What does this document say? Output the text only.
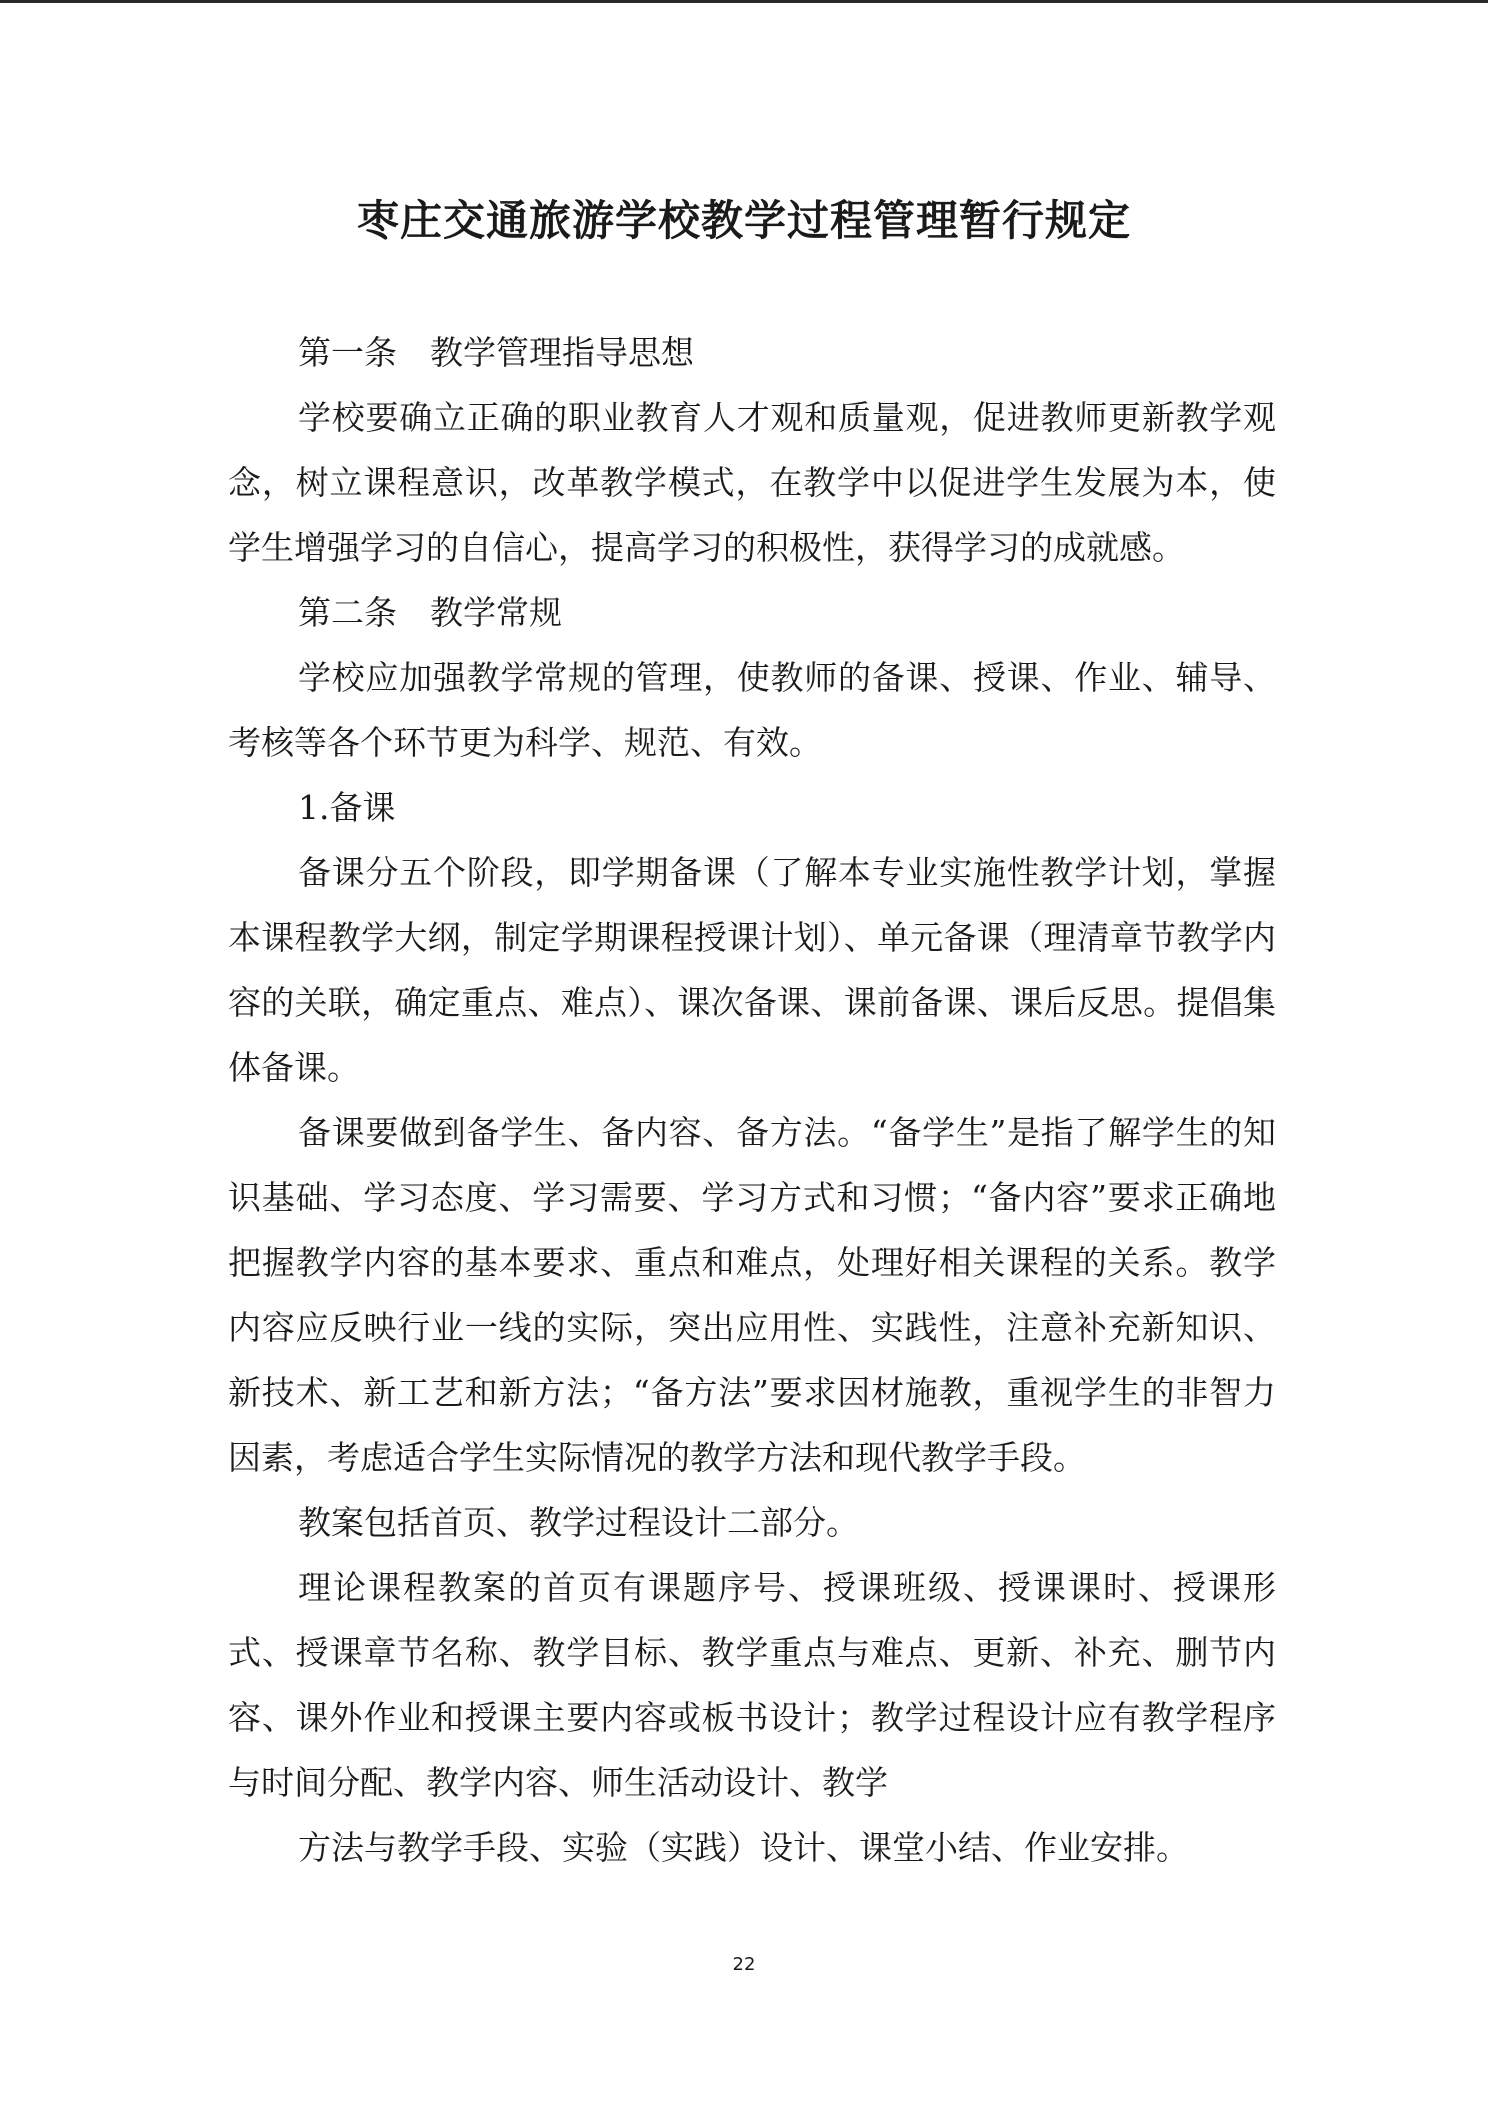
枣庄交通旅游学校教学过程管理暂行规定

第一条　教学管理指导思想

学校要确立正确的职业教育人才观和质量观，促进教师更新教学观念，树立课程意识，改革教学模式，在教学中以促进学生发展为本，使学生增强学习的自信心，提高学习的积极性，获得学习的成就感。

第二条　教学常规

学校应加强教学常规的管理，使教师的备课、授课、作业、辅导、考核等各个环节更为科学、规范、有效。

1.备课

备课分五个阶段，即学期备课（了解本专业实施性教学计划，掌握本课程教学大纲，制定学期课程授课计划）、单元备课（理清章节教学内容的关联，确定重点、难点）、课次备课、课前备课、课后反思。提倡集体备课。

备课要做到备学生、备内容、备方法。“备学生”是指了解学生的知识基础、学习态度、学习需要、学习方式和习惯；“备内容”要求正确地把握教学内容的基本要求、重点和难点，处理好相关课程的关系。教学内容应反映行业一线的实际，突出应用性、实践性，注意补充新知识、新技术、新工艺和新方法；“备方法”要求因材施教，重视学生的非智力因素，考虑适合学生实际情况的教学方法和现代教学手段。

教案包括首页、教学过程设计二部分。

理论课程教案的首页有课题序号、授课班级、授课课时、授课形式、授课章节名称、教学目标、教学重点与难点、更新、补充、删节内容、课外作业和授课主要内容或板书设计；教学过程设计应有教学程序与时间分配、教学内容、师生活动设计、教学

方法与教学手段、实验（实践）设计、课堂小结、作业安排。

22
